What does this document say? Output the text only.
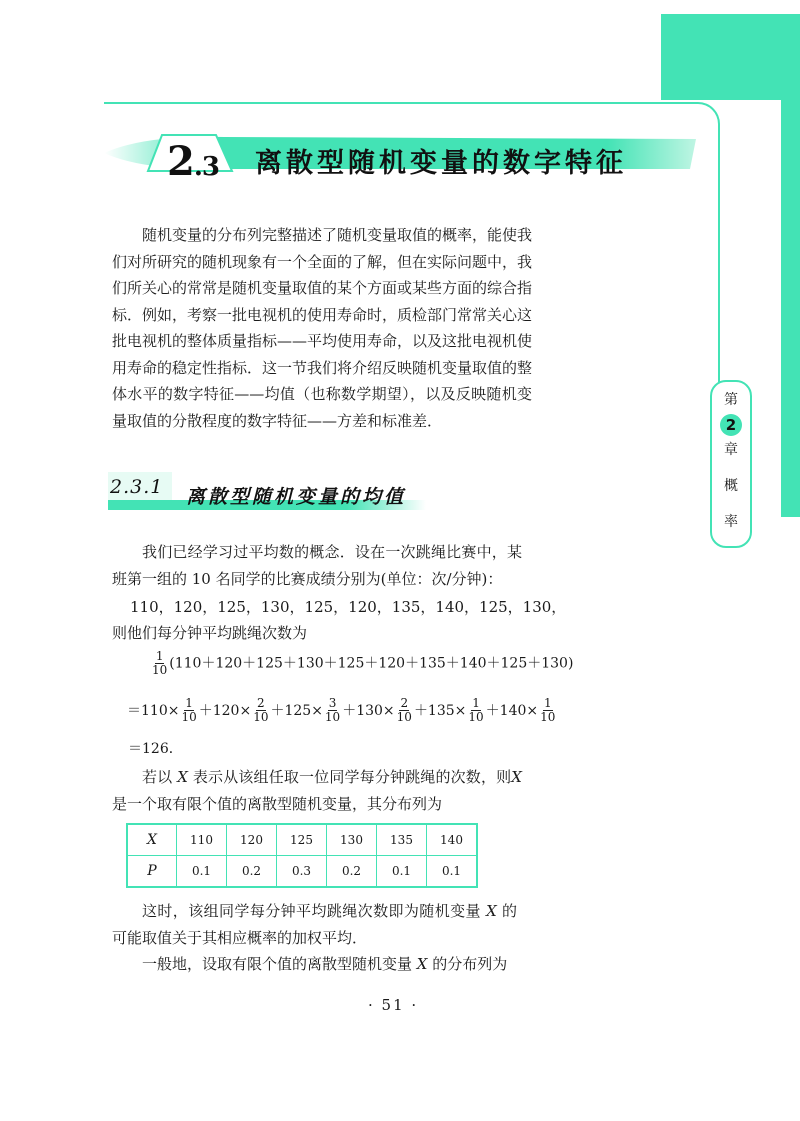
第
2
章
概
率
2.3 离散型随机变量的数字特征

随机变量的分布列完整描述了随机变量取值的概率，能使我们对所研究的随机现象有一个全面的了解，但在实际问题中，我们所关心的常常是随机变量取值的某个方面或某些方面的综合指标．例如，考察一批电视机的使用寿命时，质检部门常常关心这批电视机的整体质量指标——平均使用寿命，以及这批电视机使用寿命的稳定性指标．这一节我们将介绍反映随机变量取值的整体水平的数字特征——均值（也称数学期望），以及反映随机变量取值的分散程度的数字特征——方差和标准差．

2.3.1 离散型随机变量的均值

我们已经学习过平均数的概念．设在一次跳绳比赛中，某班第一组的 10 名同学的比赛成绩分别为(单位：次/分钟)：

110，120，125，130，125，120，135，140，125，130，
则他们每分钟平均跳绳次数为
$\frac{1}{10} (110+120+125+130+125+120+135+140+125+130)$
$=110\times \frac{1}{10} +120\times \frac{2}{10} +125\times \frac{3}{10} +130\times \frac{2}{10} +135\times \frac{1}{10} +140\times \frac{1}{10}$
＝126．

若以 X 表示从该组任取一位同学每分钟跳绳的次数，则X 是一个取有限个值的离散型随机变量，其分布列为

X	110	120	125	130	135	140
P	0.1	0.2	0.3	0.2	0.1	0.1

这时，该组同学每分钟平均跳绳次数即为随机变量 X 的可能取值关于其相应概率的加权平均．

一般地，设取有限个值的离散型随机变量 X 的分布列为

· 51 ·
